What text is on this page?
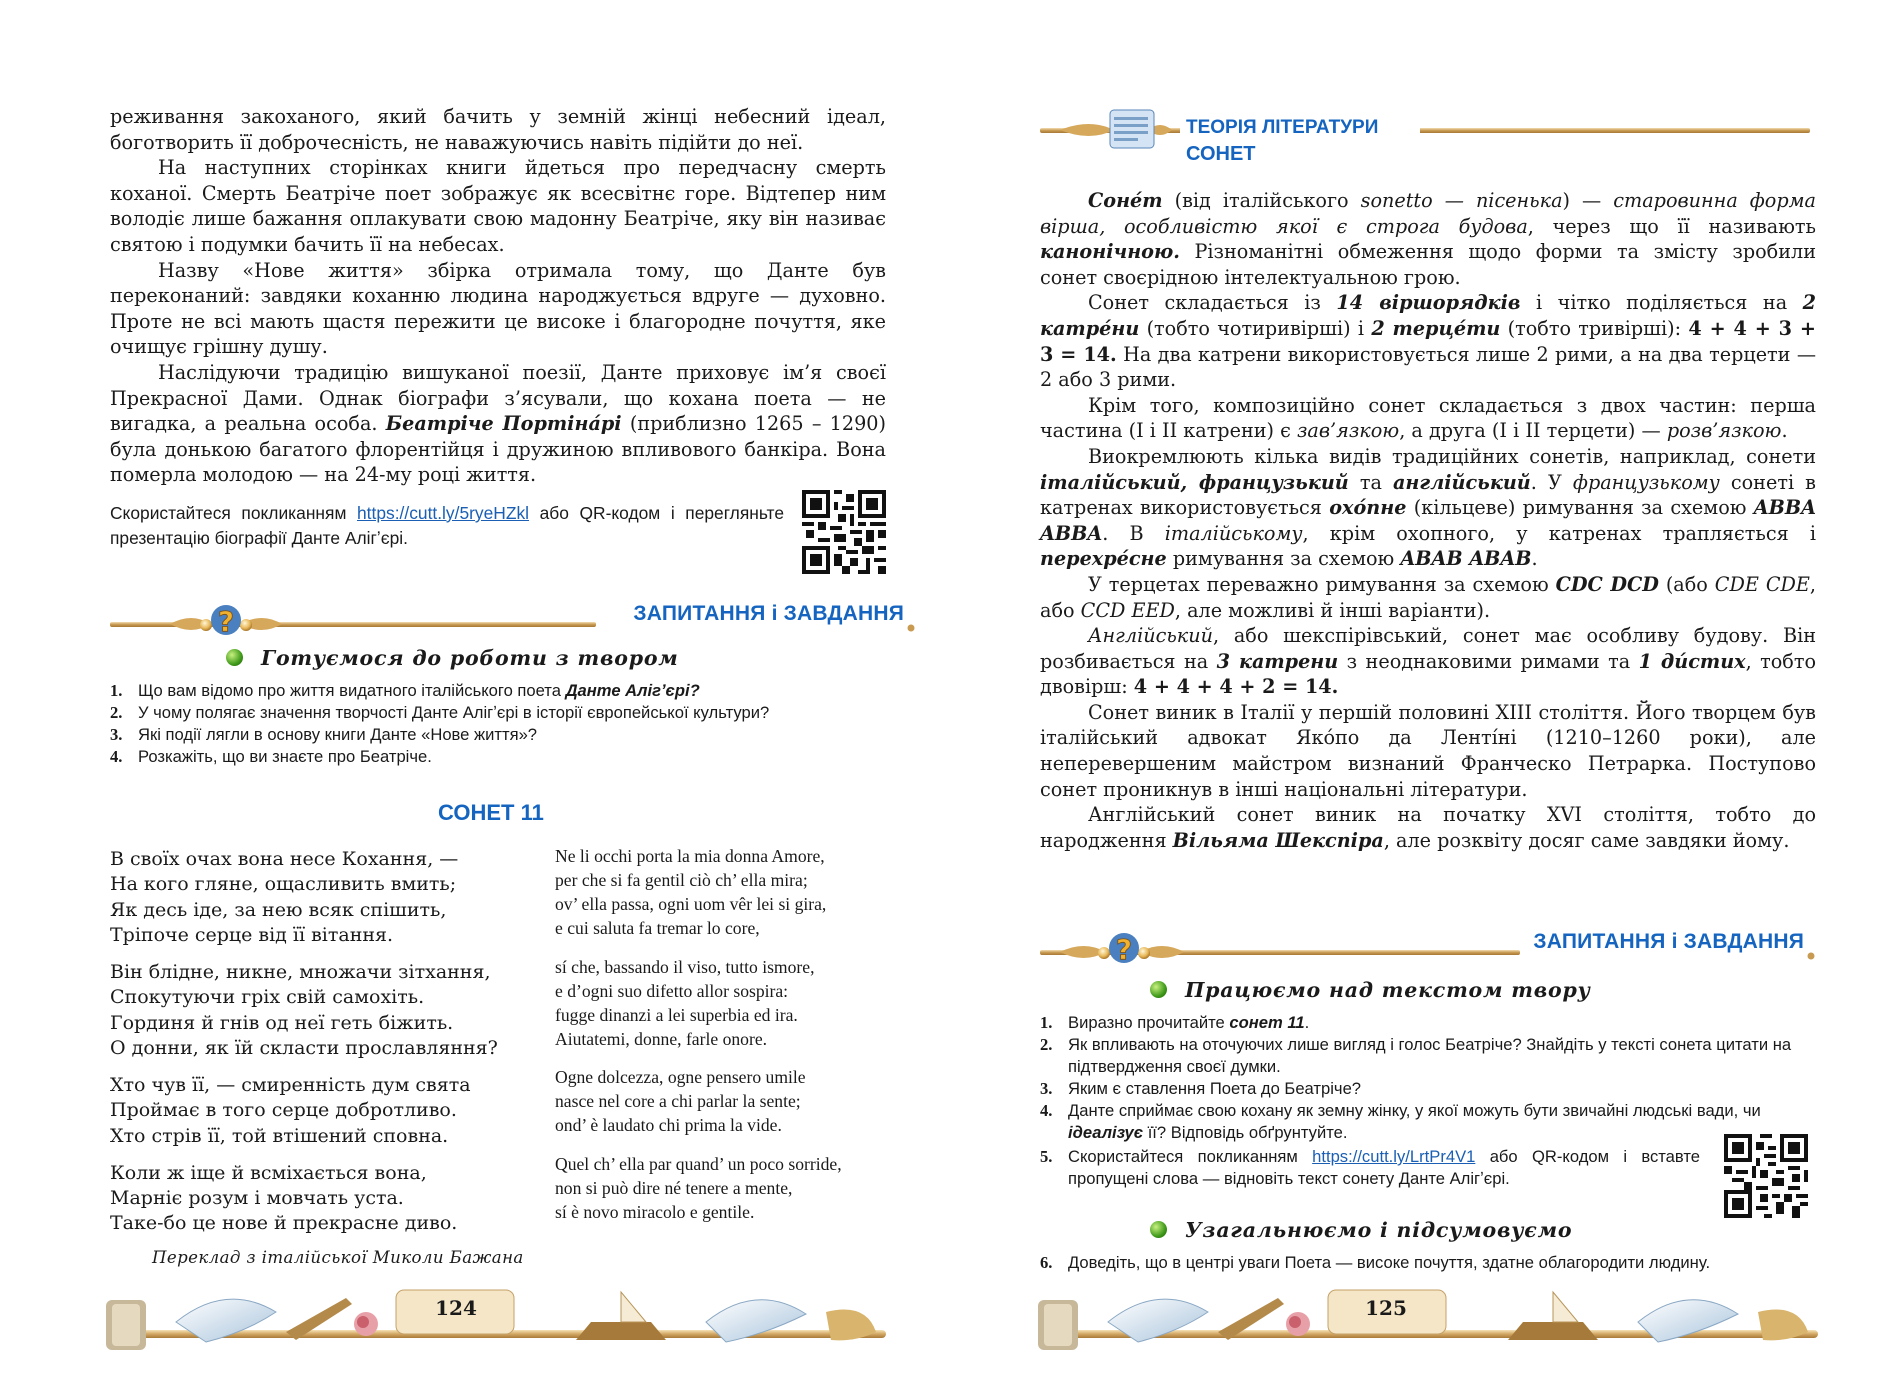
реживання закоханого, який бачить у земній жінці небесний ідеал, боготворить її доброчесність, не наважуючись навіть підійти до неї.

На наступних сторінках книги йдеться про передчасну смерть коханої. Смерть Беатріче поет зображує як всесвітнє горе. Відтепер ним володіє лише бажання оплакувати свою мадонну Беатріче, яку він називає святою і подумки бачить її на небесах.

Назву «Нове життя» збірка отримала тому, що Данте був переконаний: завдяки коханню людина народжується вдруге — духовно. Проте не всі мають щастя пережити це високе і благородне почуття, яке очищує грішну душу.

Наслідуючи традицію вишуканої поезії, Данте приховує ім’я своєї Прекрасної Дами. Однак біографи з’ясували, що кохана поета — не вигадка, а реальна особа. Беатріче Портіна́рі (приблизно 1265 – 1290) була донькою багатого флорентійця і дружиною впливового банкіра. Вона померла молодою — на 24-му році життя.

Скористайтеся покликанням https://cutt.ly/5ryeHZkl або QR-кодом і перегляньте презентацію біографії Данте Алігʼєрі.

?	ЗАПИТАННЯ і ЗАВДАННЯ
Готуємося до роботи з твором
1. Що вам відомо про життя видатного італійського поета Данте Алігʼєрі?
2. У чому полягає значення творчості Данте Алігʼєрі в історії європейської культури?
3. Які події лягли в основу книги Данте «Нове життя»?
4. Розкажіть, що ви знаєте про Беатріче.
СОНЕТ 11
В своїх очах вона несе Кохання, —
На кого гляне, ощасливить вмить;
Як десь іде, за нею всяк спішить,
Тріпоче серце від її вітання.
Він блідне, никне, множачи зітхання,
Спокутуючи гріх свій самохіть.
Гординя й гнів од неї геть біжить.
О донни, як їй скласти прославляння?
Хто чув її, — смиренність дум свята
Проймає в того серце добротливо.
Хто стрів її, той втішений сповна.
Коли ж іще й всміхається вона,
Марніє розум і мовчать уста.
Таке-бо це нове й прекрасне диво.
Переклад з італійської Миколи Бажана
Ne li occhi porta la mia donna Amore,
per che si fa gentil ciò ch’ ella mira;
ov’ ella passa, ogni uom vêr lei si gira,
e cui saluta fa tremar lo core,
sí che, bassando il viso, tutto ismore,
e d’ogni suo difetto allor sospira:
fugge dinanzi a lei superbia ed ira.
Aiutatemi, donne, farle onore.
Ogne dolcezza, ogne pensero umile
nasce nel core a chi parlar la sente;
ond’ è laudato chi prima la vide.
Quel ch’ ella par quand’ un poco sorride,
non si può dire né tenere a mente,
sí è novo miracolo e gentile.
124
ТЕОРІЯ ЛІТЕРАТУРИ
СОНЕТ

Соне́т (від італійського sonetto — пісенька) — старовинна форма вірша, особливістю якої є строга будова, через що її називають канонічною. Різноманітні обмеження щодо форми та змісту зробили сонет своєрідною інтелектуальною грою.

Сонет складається із 14 віршорядків і чітко поділяється на 2 катре́ни (тобто чотиривірші) і 2 терце́ти (тобто тривірші): 4 + 4 + 3 + 3 = 14. На два катрени використовується лише 2 рими, а на два терцети — 2 або 3 рими.

Крім того, композиційно сонет складається з двох частин: перша частина (I і II катрени) є зав’язкою, а друга (I і II терцети) — розв’язкою.

Виокремлюють кілька видів традиційних сонетів, наприклад, сонети італійський, французький та англійський. У французькому сонеті в катренах використовується охо́пне (кільцеве) римування за схемою ABBA ABBA. В італійському, крім охопного, у катренах трапляється і перехре́сне римування за схемою ABAB ABAB.

У терцетах переважно римування за схемою CDC DCD (або CDE CDE, або CCD EED, але можливі й інші варіанти).

Англійський, або шекспірівський, сонет має особливу будову. Він розбивається на 3 катрени з неоднаковими римами та 1 ди́стих, тобто двовірш: 4 + 4 + 4 + 2 = 14.

Сонет виник в Італії у першій половині XIII століття. Його творцем був італійський адвокат Яко́по да Ленті́ні (1210–1260 роки), але неперевершеним майстром визнаний Франческо Петрарка. Поступово сонет проникнув в інші національні літератури.

Англійський сонет виник на початку XVI століття, тобто до народження Вільяма Шекспіра, але розквіту досяг саме завдяки йому.

?	ЗАПИТАННЯ і ЗАВДАННЯ
Працюємо над текстом твору
1. Виразно прочитайте сонет 11.
2. Як впливають на оточуючих лише вигляд і голос Беатріче? Знайдіть у тексті сонета цитати на підтвердження своєї думки.
3. Яким є ставлення Поета до Беатріче?
4. Данте сприймає свою кохану як земну жінку, у якої можуть бути звичайні людські вади, чи ідеалізує її? Відповідь обґрунтуйте.
5. Скористайтеся покликанням https://cutt.ly/LrtPr4V1 або QR-кодом і вставте пропущені слова — відновіть текст сонету Данте Алігʼєрі.
Узагальнюємо і підсумовуємо
6. Доведіть, що в центрі уваги Поета — високе почуття, здатне облагородити людину.
125
